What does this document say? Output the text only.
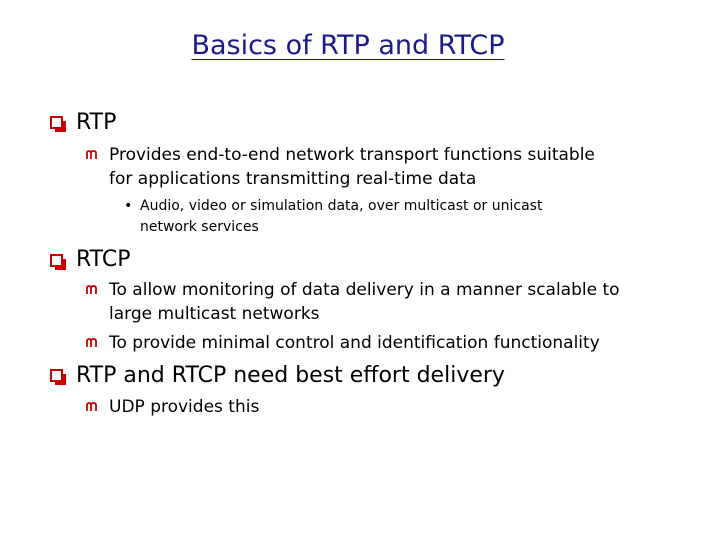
Basics of RTP and RTCP
RTP
Provides end-to-end network transport functions suitable
for applications transmitting real-time data
• Audio, video or simulation data, over multicast or unicast
network services
RTCP
To allow monitoring of data delivery in a manner scalable to
large multicast networks
To provide minimal control and identification functionality
RTP and RTCP need best effort delivery
UDP provides this
